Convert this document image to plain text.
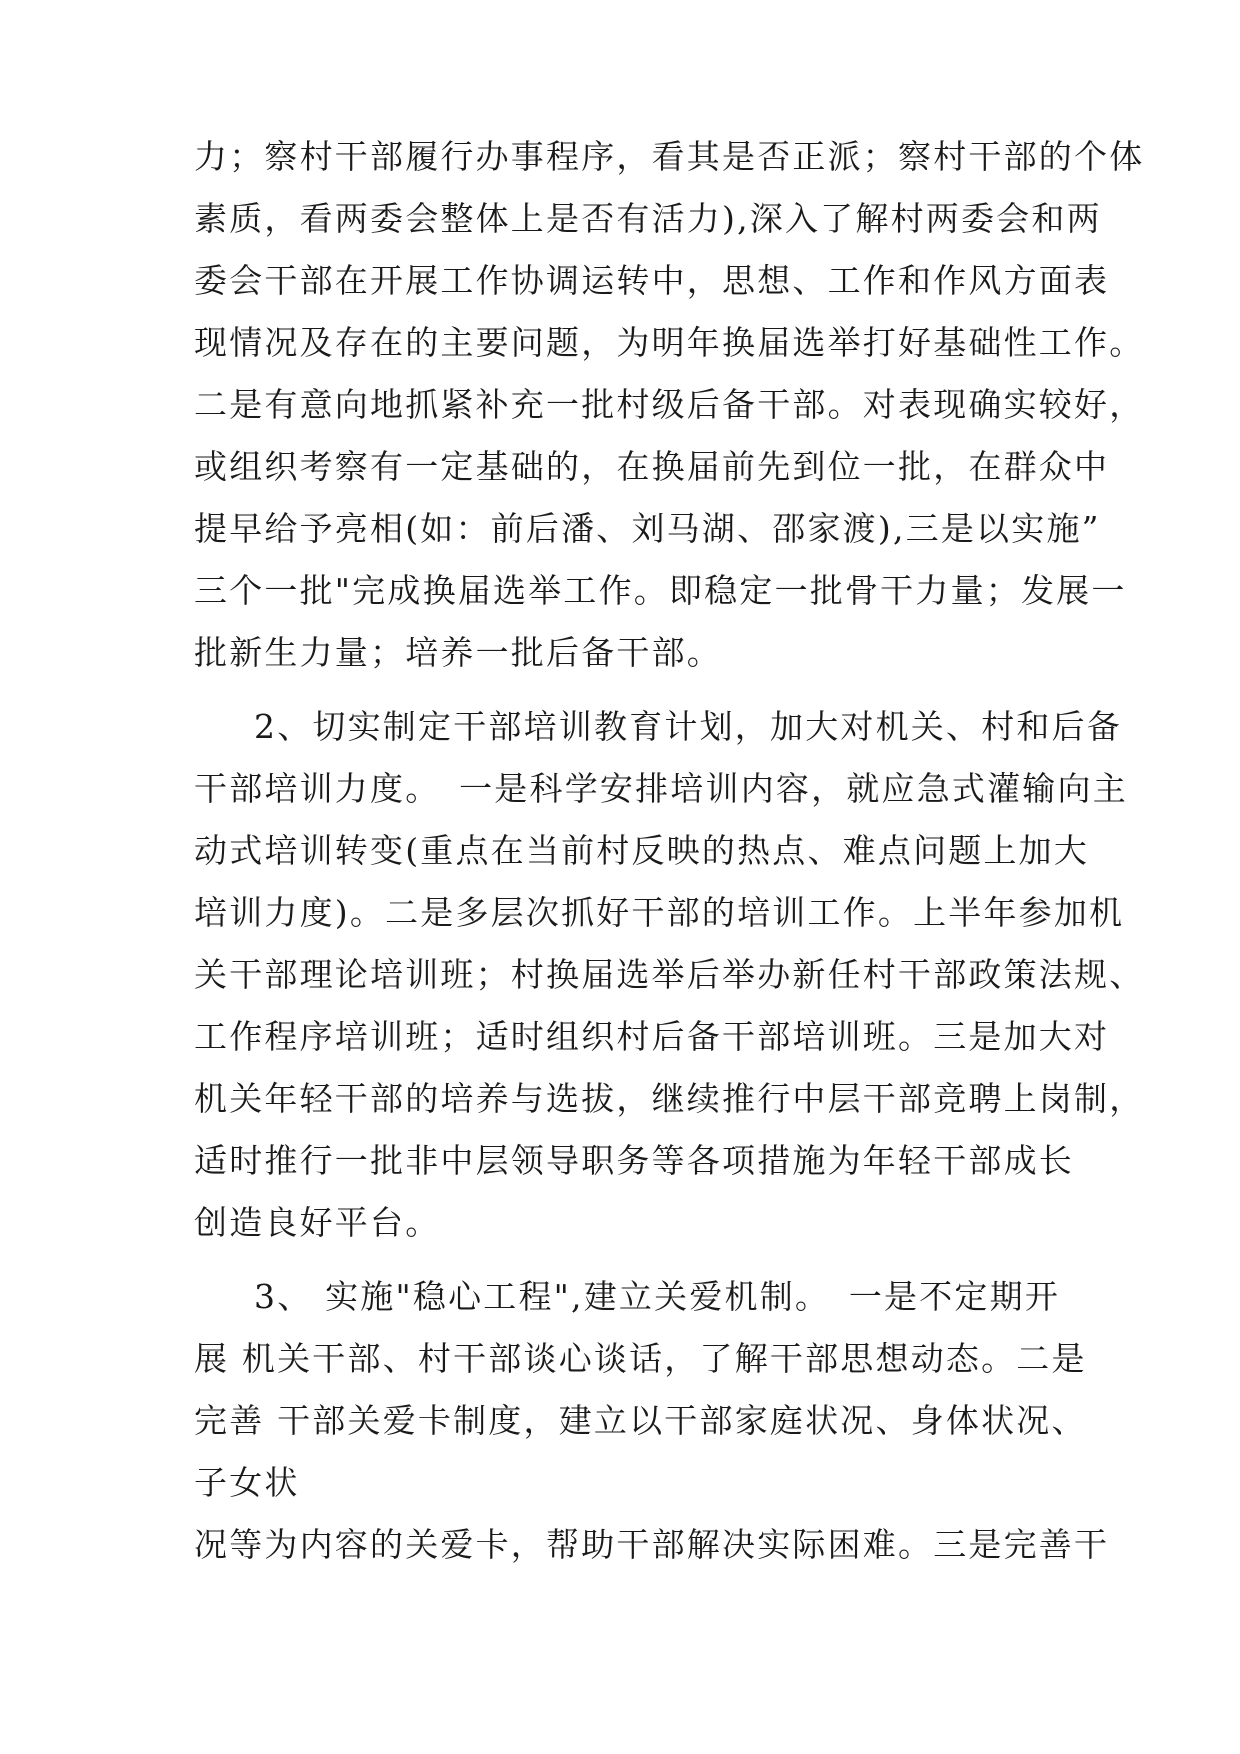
力；察村干部履行办事程序，看其是否正派；察村干部的个体
素质，看两委会整体上是否有活力),深入了解村两委会和两
委会干部在开展工作协调运转中，思想、工作和作风方面表
现情况及存在的主要问题，为明年换届选举打好基础性工作。
二是有意向地抓紧补充一批村级后备干部。对表现确实较好，
或组织考察有一定基础的，在换届前先到位一批，在群众中
提早给予亮相(如：前后潘、刘马湖、邵家渡),三是以实施”
三个一批"完成换届选举工作。即稳定一批骨干力量；发展一
批新生力量；培养一批后备干部。
2、切实制定干部培训教育计划，加大对机关、村和后备
干部培训力度。　一是科学安排培训内容，就应急式灌输向主
动式培训转变(重点在当前村反映的热点、难点问题上加大
培训力度)。二是多层次抓好干部的培训工作。上半年参加机
关干部理论培训班；村换届选举后举办新任村干部政策法规、
工作程序培训班；适时组织村后备干部培训班。三是加大对
机关年轻干部的培养与选拔，继续推行中层干部竞聘上岗制，
适时推行一批非中层领导职务等各项措施为年轻干部成长
创造良好平台。
3、 实施"稳心工程",建立关爱机制。　一是不定期开
展 机关干部、村干部谈心谈话，了解干部思想动态。二是
完善 干部关爱卡制度，建立以干部家庭状况、身体状况、
子女状
况等为内容的关爱卡，帮助干部解决实际困难。三是完善干
